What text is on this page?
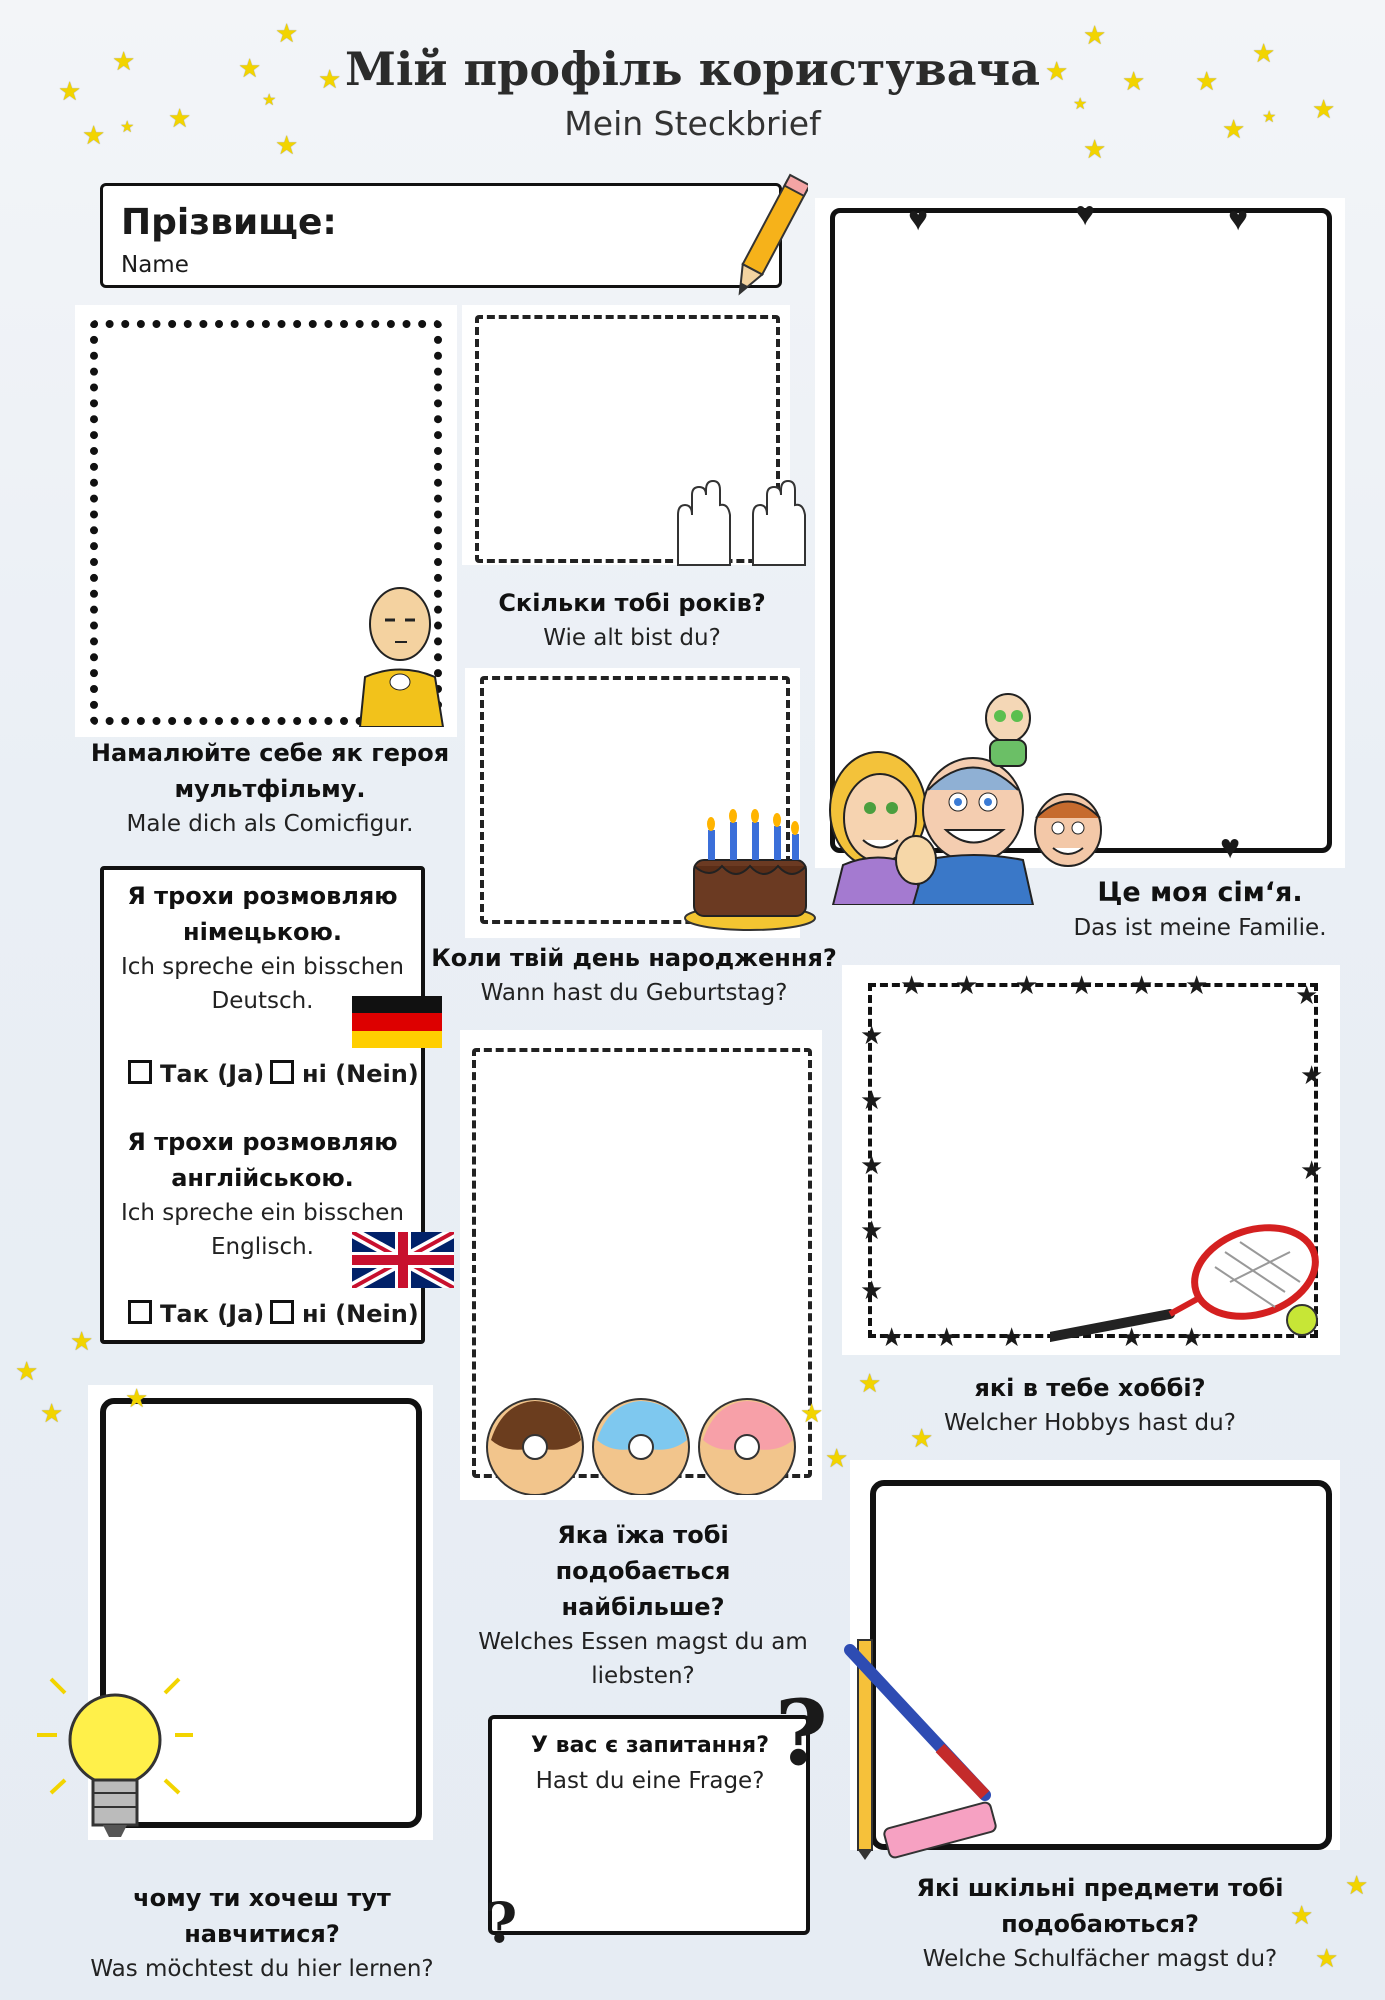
Мій профіль користувача
Mein Steckbrief
★
★
★
★
★
★
★
★
★
★
★
★ ★ ★
★
★
★
★
★
★
Прізвище:
Name
Намалюйте себе як героя мультфільму.
Male dich als Comicfigur.
Скільки тобі років?
Wie alt bist du?
Коли твій день народження?
Wann hast du Geburtstag?
♥	♥	♥
♥
Це моя сім‘я.
Das ist meine Familie.
Я трохи розмовляю німецькою.
Ich spreche ein bisschen Deutsch.
Так (Ja)	ні (Nein)
Я трохи розмовляю англійською.
Ich spreche ein bisschen Englisch.
Так (Ja)	ні (Nein)
Яка їжа тобі подобається найбільше?
Welches Essen magst du am liebsten?
★ ★ ★ ★ ★ ★	★
★
★
★
★
★
★
★
★ ★ ★	★ ★
які в тебе хоббі?
Welcher Hobbys hast du?
чому ти хочеш тут навчитися?
Was möchtest du hier lernen?
У вас є запитання?
Hast du eine Frage? ?
?
Які шкільні предмети тобі подобаються?
Welche Schulfächer magst du?
★
★
★ ★	★
★
★
★
★
★
★
